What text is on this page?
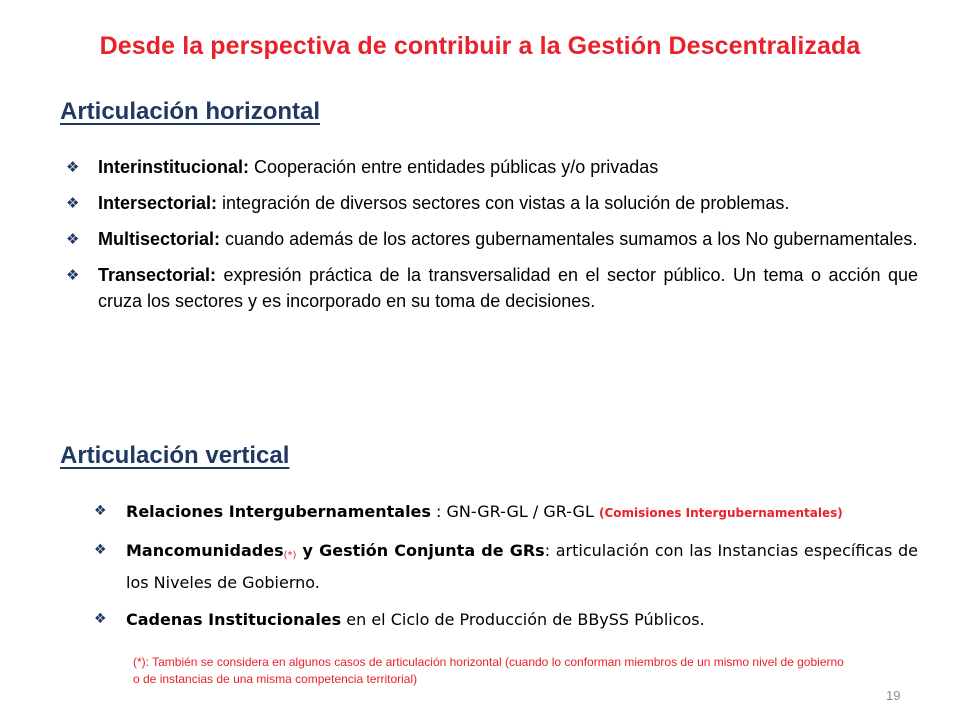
Desde la perspectiva de contribuir a la Gestión Descentralizada
Articulación horizontal
❖ Interinstitucional: Cooperación entre entidades públicas y/o privadas
❖ Intersectorial: integración de diversos sectores con vistas a la solución de problemas.
❖ Multisectorial: cuando además de los actores gubernamentales sumamos a los No gubernamentales.
❖ Transectorial: expresión práctica de la transversalidad en el sector público. Un tema o acción que cruza los sectores y es incorporado en su toma de decisiones.
Articulación vertical
❖ Relaciones Intergubernamentales : GN-GR-GL / GR-GL (Comisiones Intergubernamentales)
❖ Mancomunidades(*) y Gestión Conjunta de GRs: articulación con las Instancias específicas de los Niveles de Gobierno.
❖ Cadenas Institucionales en el Ciclo de Producción de BBySS Públicos.
(*): También se considera en algunos casos de articulación horizontal (cuando lo conforman miembros de un mismo nivel de gobierno o de instancias de una misma competencia territorial)
19
